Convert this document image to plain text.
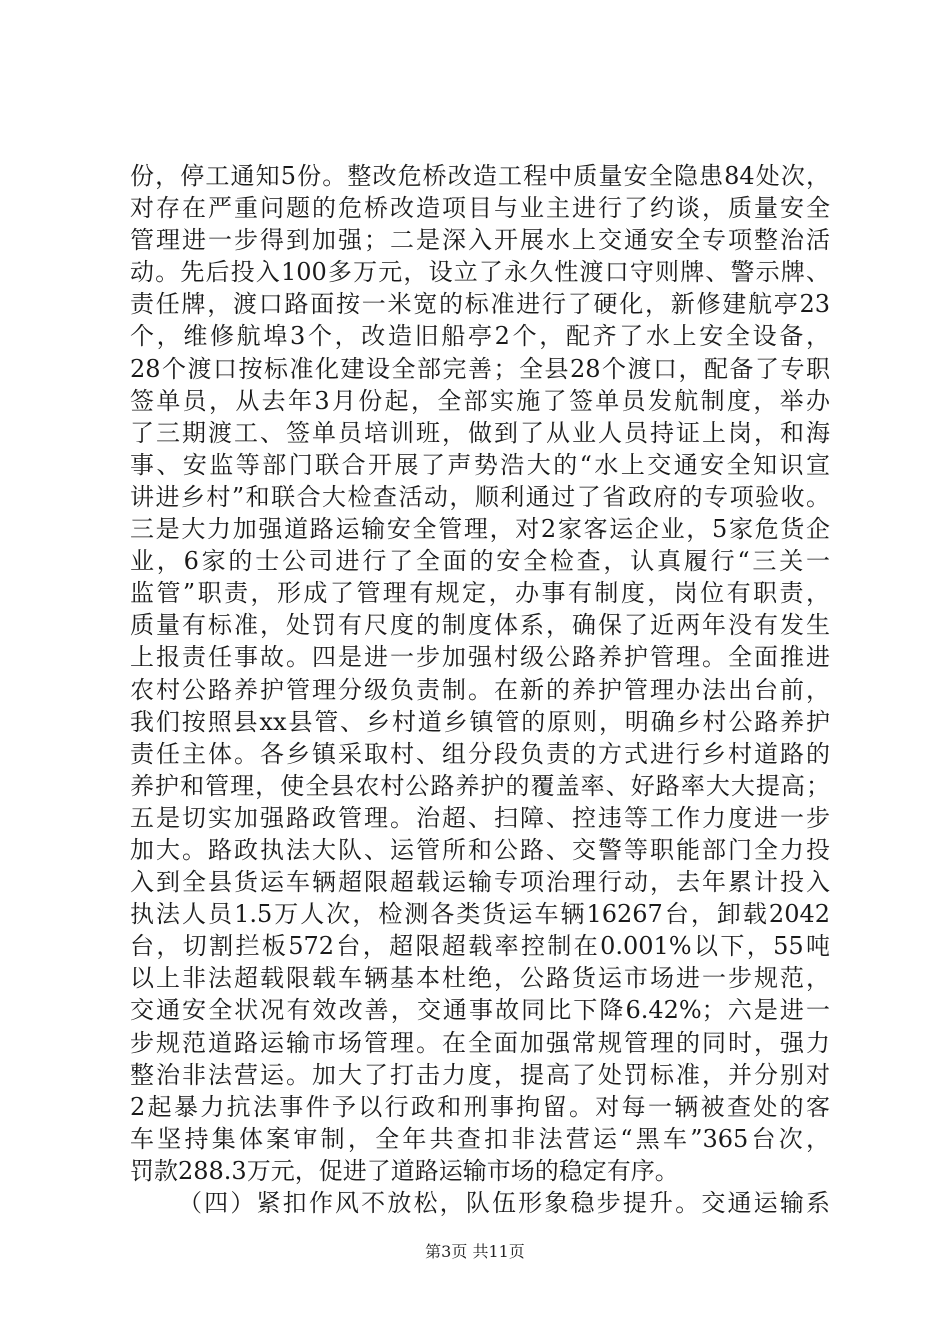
份，停工通知5份。整改危桥改造工程中质量安全隐患84处次，
对存在严重问题的危桥改造项目与业主进行了约谈，质量安全
管理进一步得到加强；二是深入开展水上交通安全专项整治活
动。先后投入100多万元，设立了永久性渡口守则牌、警示牌、
责任牌，渡口路面按一米宽的标准进行了硬化，新修建航亭23
个，维修航埠3个，改造旧船亭2个，配齐了水上安全设备，
28个渡口按标准化建设全部完善；全县28个渡口，配备了专职
签单员，从去年3月份起，全部实施了签单员发航制度，举办
了三期渡工、签单员培训班，做到了从业人员持证上岗，和海
事、安监等部门联合开展了声势浩大的“水上交通安全知识宣
讲进乡村”和联合大检查活动，顺利通过了省政府的专项验收。
三是大力加强道路运输安全管理，对2家客运企业，5家危货企
业，6家的士公司进行了全面的安全检查，认真履行“三关一
监管”职责，形成了管理有规定，办事有制度，岗位有职责，
质量有标准，处罚有尺度的制度体系，确保了近两年没有发生
上报责任事故。四是进一步加强村级公路养护管理。全面推进
农村公路养护管理分级负责制。在新的养护管理办法出台前，
我们按照县xx县管、乡村道乡镇管的原则，明确乡村公路养护
责任主体。各乡镇采取村、组分段负责的方式进行乡村道路的
养护和管理，使全县农村公路养护的覆盖率、好路率大大提高；
五是切实加强路政管理。治超、扫障、控违等工作力度进一步
加大。路政执法大队、运管所和公路、交警等职能部门全力投
入到全县货运车辆超限超载运输专项治理行动，去年累计投入
执法人员1.5万人次，检测各类货运车辆16267台，卸载2042
台，切割拦板572台，超限超载率控制在0.001%以下，55吨
以上非法超载限载车辆基本杜绝，公路货运市场进一步规范，
交通安全状况有效改善，交通事故同比下降6.42%；六是进一
步规范道路运输市场管理。在全面加强常规管理的同时，强力
整治非法营运。加大了打击力度，提高了处罚标准，并分别对
2起暴力抗法事件予以行政和刑事拘留。对每一辆被查处的客
车坚持集体案审制，全年共查扣非法营运“黑车”365台次，
罚款288.3万元，促进了道路运输市场的稳定有序。
（四）紧扣作风不放松，队伍形象稳步提升。交通运输系
第3页 共11页
